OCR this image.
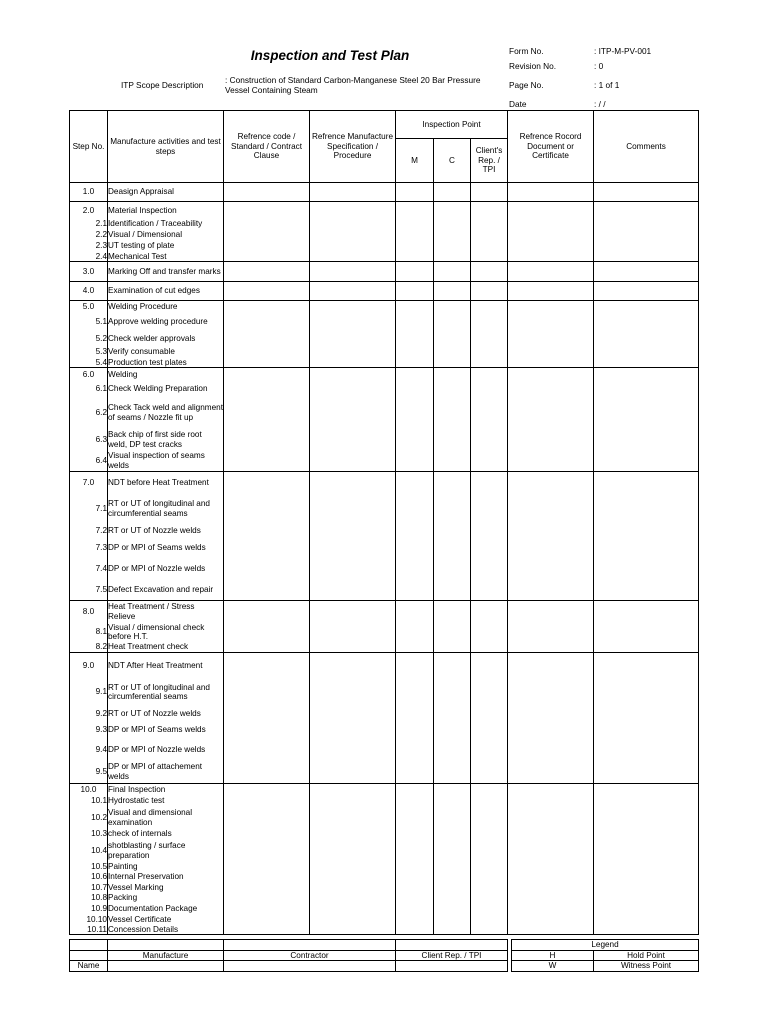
Inspection and Test Plan
ITP Scope Description	: Construction of Standard Carbon-Manganese Steel 20 Bar Pressure Vessel Containing Steam
Form No.	: ITP-M-PV-001
Revision No.	: 0
Page No.	: 1 of 1
Date	: / /
Step No.	Manufacture activities and test steps	Refrence code / Standard / Contract Clause	Refrence Manufacture Specification / Procedure	Inspection Point			Refrence Rocord Document or Certificate	Comments
				M	C	Client's Rep. / TPI		
1.0	Deasign Appraisal							
2.0	Material Inspection							
2.1	Identification / Traceability							
2.2	Visual / Dimensional							
2.3	UT testing of plate							
2.4	Mechanical Test							
3.0	Marking Off and transfer marks							
4.0	Examination of cut edges							
5.0	Welding Procedure							
5.1	Approve welding procedure							
5.2	Check welder approvals							
5.3	Verify consumable							
5.4	Production test plates							
6.0	Welding							
6.1	Check Welding Preparation							
6.2	Check Tack weld and alignment of seams / Nozzle fit up							
6.3	Back chip of first side root weld, DP test cracks							
6.4	Visual inspection of seams welds							
7.0	NDT before Heat Treatment							
7.1	RT or UT of longitudinal and circumferential seams							
7.2	RT or UT of Nozzle welds							
7.3	DP or MPI of Seams welds							
7.4	DP or MPI of Nozzle welds							
7.5	Defect Excavation and repair							
8.0	Heat Treatment / Stress Relieve							
8.1	Visual / dimensional check before H.T.							
8.2	Heat Treatment check							
9.0	NDT After Heat Treatment							
9.1	RT or UT of longitudinal and circumferential seams							
9.2	RT or UT of Nozzle welds							
9.3	DP or MPI of Seams welds							
9.4	DP or MPI of Nozzle welds							
9.5	DP or MPI of attachement welds							
10.0	Final Inspection							
10.1	Hydrostatic test							
10.2	Visual and dimensional examination							
10.3	check of internals							
10.4	shotblasting / surface preparation							
10.5	Painting							
10.6	Internal Preservation							
10.7	Vessel Marking							
10.8	Packing							
10.9	Documentation Package							
10.10	Vessel Certificate							
10.11	Concession Details							
					Legend	
	Manufacture	Contractor	Client Rep. / TPI		H	Hold Point
Name					W	Witness Point
